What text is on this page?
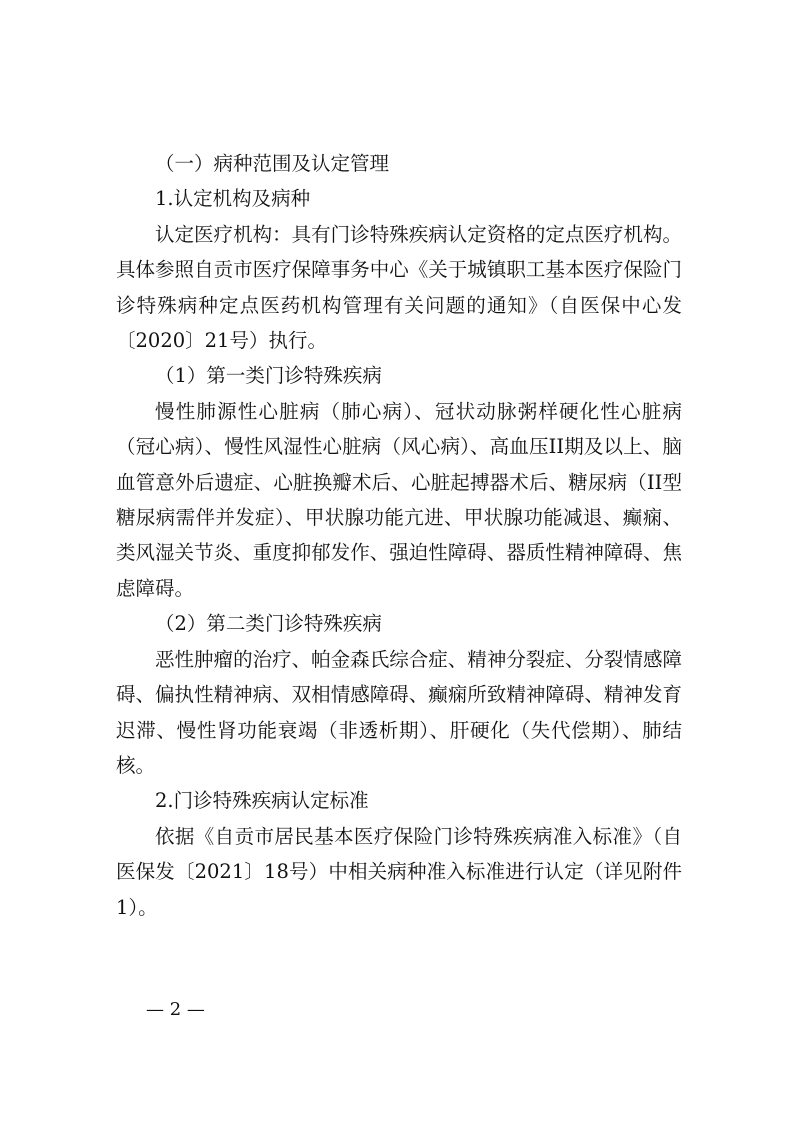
（一）病种范围及认定管理

1.认定机构及病种

认定医疗机构：具有门诊特殊疾病认定资格的定点医疗机构。具体参照自贡市医疗保障事务中心《关于城镇职工基本医疗保险门诊特殊病种定点医药机构管理有关问题的通知》（自医保中心发〔2020〕21号）执行。

（1）第一类门诊特殊疾病

慢性肺源性心脏病（肺心病）、冠状动脉粥样硬化性心脏病（冠心病）、慢性风湿性心脏病（风心病）、高血压II期及以上、脑血管意外后遗症、心脏换瓣术后、心脏起搏器术后、糖尿病（II型糖尿病需伴并发症）、甲状腺功能亢进、甲状腺功能减退、癫痫、类风湿关节炎、重度抑郁发作、强迫性障碍、器质性精神障碍、焦虑障碍。

（2）第二类门诊特殊疾病

恶性肿瘤的治疗、帕金森氏综合症、精神分裂症、分裂情感障碍、偏执性精神病、双相情感障碍、癫痫所致精神障碍、精神发育迟滞、慢性肾功能衰竭（非透析期）、肝硬化（失代偿期）、肺结核。

2.门诊特殊疾病认定标准

依据《自贡市居民基本医疗保险门诊特殊疾病准入标准》（自医保发〔2021〕18号）中相关病种准入标准进行认定（详见附件1）。

— 2 —
